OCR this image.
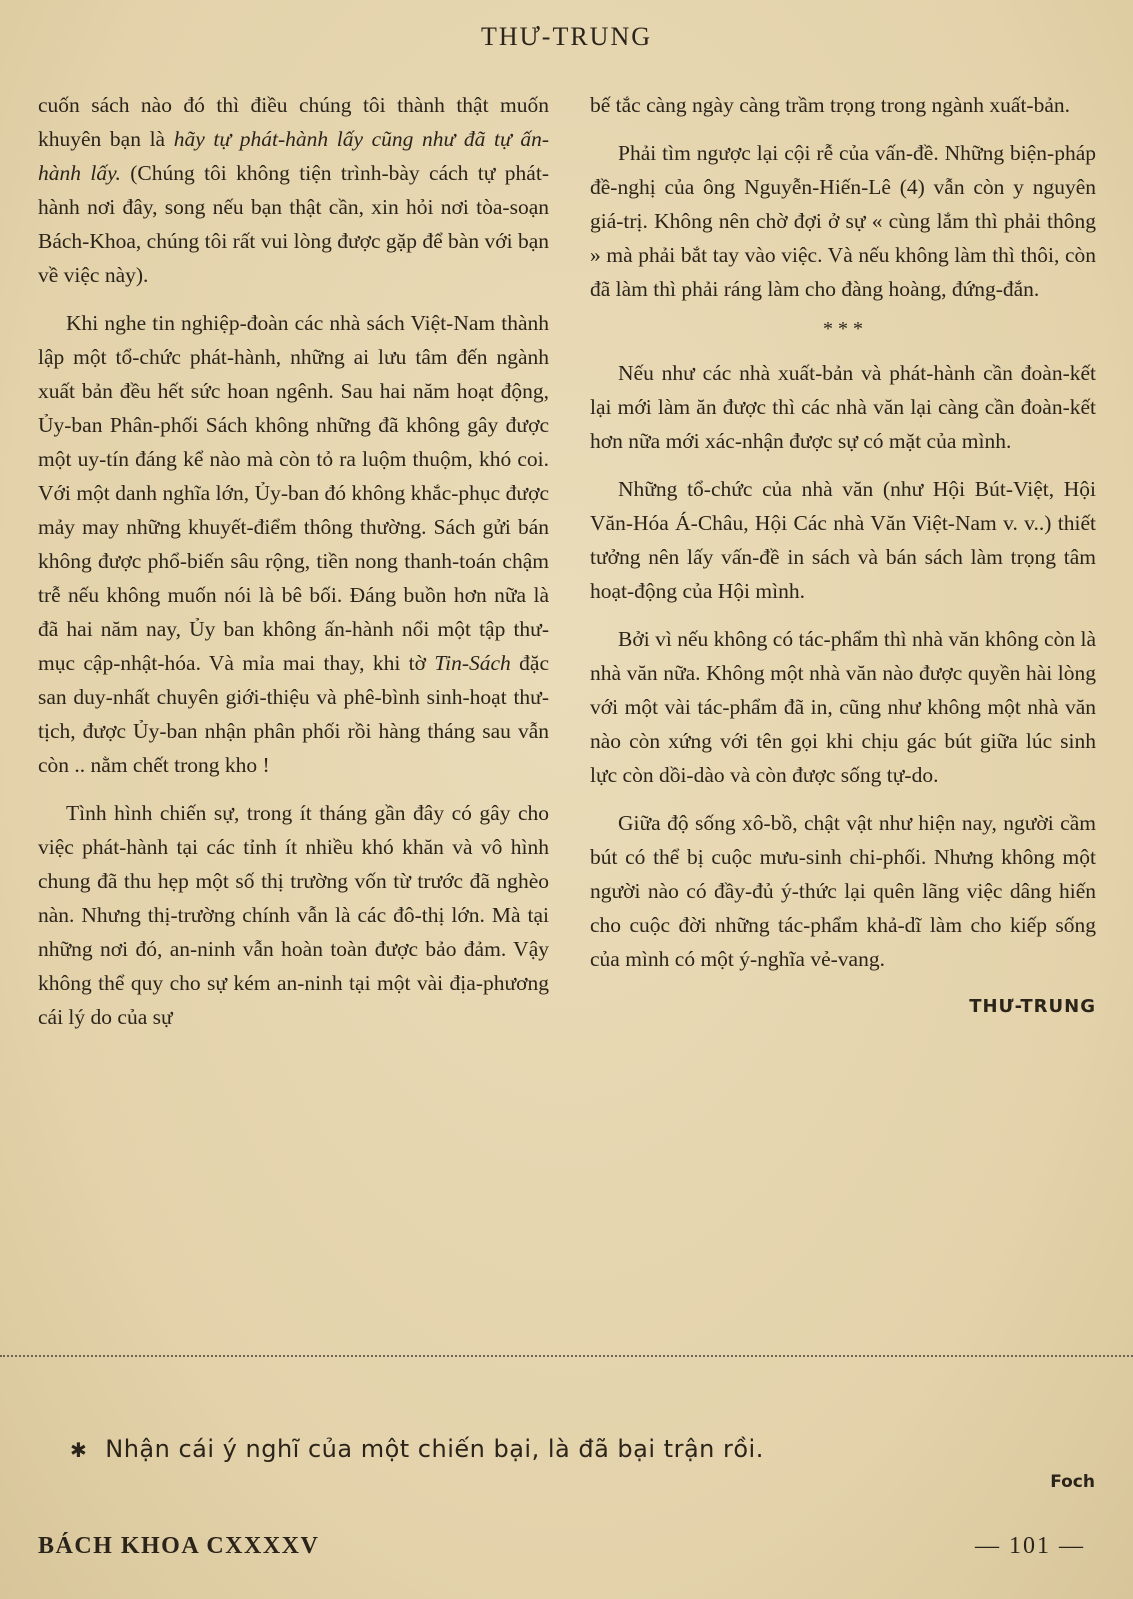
THƯ-TRUNG

cuốn sách nào đó thì điều chúng tôi thành thật muốn khuyên bạn là hãy tự phát-hành lấy cũng như đã tự ấn-hành lấy. (Chúng tôi không tiện trình-bày cách tự phát-hành nơi đây, song nếu bạn thật cần, xin hỏi nơi tòa-soạn Bách-Khoa, chúng tôi rất vui lòng được gặp để bàn với bạn về việc này).

Khi nghe tin nghiệp-đoàn các nhà sách Việt-Nam thành lập một tổ-chức phát-hành, những ai lưu tâm đến ngành xuất bản đều hết sức hoan ngênh. Sau hai năm hoạt động, Ủy-ban Phân-phối Sách không những đã không gây được một uy-tín đáng kể nào mà còn tỏ ra luộm thuộm, khó coi. Với một danh nghĩa lớn, Ủy-ban đó không khắc-phục được mảy may những khuyết-điểm thông thường. Sách gửi bán không được phổ-biến sâu rộng, tiền nong thanh-toán chậm trễ nếu không muốn nói là bê bối. Đáng buồn hơn nữa là đã hai năm nay, Ủy ban không ấn-hành nổi một tập thư-mục cập-nhật-hóa. Và mỉa mai thay, khi tờ Tin-Sách đặc san duy-nhất chuyên giới-thiệu và phê-bình sinh-hoạt thư-tịch, được Ủy-ban nhận phân phối rồi hàng tháng sau vẫn còn .. nằm chết trong kho !

Tình hình chiến sự, trong ít tháng gần đây có gây cho việc phát-hành tại các tỉnh ít nhiều khó khăn và vô hình chung đã thu hẹp một số thị trường vốn từ trước đã nghèo nàn. Nhưng thị-trường chính vẫn là các đô-thị lớn. Mà tại những nơi đó, an-ninh vẫn hoàn toàn được bảo đảm. Vậy không thể quy cho sự kém an-ninh tại một vài địa-phương cái lý do của sự

bế tắc càng ngày càng trầm trọng trong ngành xuất-bản.

Phải tìm ngược lại cội rễ của vấn-đề. Những biện-pháp đề-nghị của ông Nguyễn-Hiến-Lê (4) vẫn còn y nguyên giá-trị. Không nên chờ đợi ở sự « cùng lắm thì phải thông » mà phải bắt tay vào việc. Và nếu không làm thì thôi, còn đã làm thì phải ráng làm cho đàng hoàng, đứng-đắn.

* * *

Nếu như các nhà xuất-bản và phát-hành cần đoàn-kết lại mới làm ăn được thì các nhà văn lại càng cần đoàn-kết hơn nữa mới xác-nhận được sự có mặt của mình.

Những tổ-chức của nhà văn (như Hội Bút-Việt, Hội Văn-Hóa Á-Châu, Hội Các nhà Văn Việt-Nam v. v..) thiết tưởng nên lấy vấn-đề in sách và bán sách làm trọng tâm hoạt-động của Hội mình.

Bởi vì nếu không có tác-phẩm thì nhà văn không còn là nhà văn nữa. Không một nhà văn nào được quyền hài lòng với một vài tác-phẩm đã in, cũng như không một nhà văn nào còn xứng với tên gọi khi chịu gác bút giữa lúc sinh lực còn dồi-dào và còn được sống tự-do.

Giữa độ sống xô-bồ, chật vật như hiện nay, người cầm bút có thể bị cuộc mưu-sinh chi-phối. Nhưng không một người nào có đầy-đủ ý-thức lại quên lãng việc dâng hiến cho cuộc đời những tác-phẩm khả-dĩ làm cho kiếp sống của mình có một ý-nghĩa vẻ-vang.

THƯ-TRUNG
✱ Nhận cái ý nghĩ của một chiến bại, là đã bại trận rồi.
Foch
BÁCH KHOA CXXXXV	— 101 —
